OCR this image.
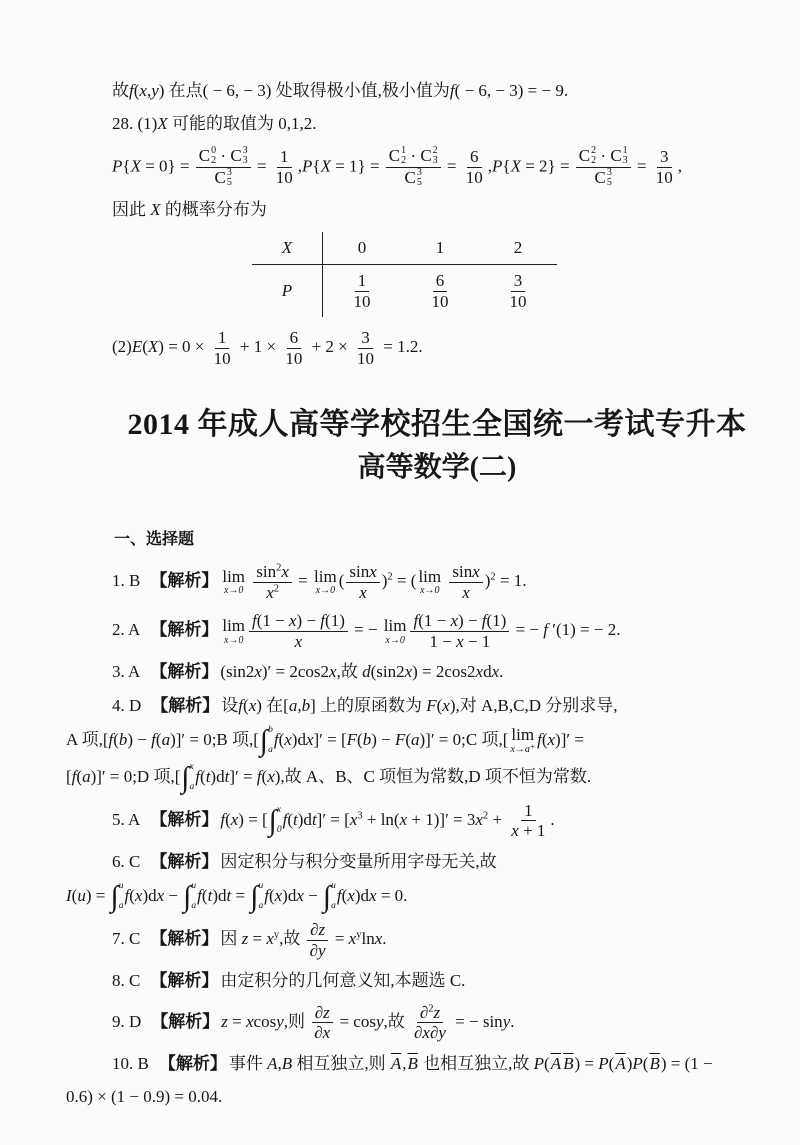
故f(x,y) 在点( − 6, − 3) 处取得极小值,极小值为f( − 6, − 3) = − 9.
28. (1)X 可能的取值为 0,1,2.
P{X = 0} = C 0
2 · C 3
3
C 3
$5 = \frac{1}{10} ,P\{X = 1\} = C$ 1
2 · C 2
3
C 3
$5 = \frac{6}{10} ,P\{X = 2\} = C$ 2
2 · C 1
3
C 3
$5 = \frac{3}{10}$ ,
因此 X 的概率分布为
X	0	1	2
P	$\frac{1}{10}$	$\frac{6}{10}$	$\frac{3}{10}$
$(2)E(X) = 0 \times \frac{1}{10} + 1 \times \frac{6}{10} + 2 \times \frac{3}{10} = 1.2$.
2014 年成人高等学校招生全国统一考试专升本
高等数学(二)
一、选择题
1. B 【解析】 lim
x→0
$\frac{\sin^2x}{x^2} = \lim$
x→0
( $\frac{\sin x}{x} )^2$ = ( lim
x→0
$\frac{\sin x}{x} )^2 = 1$.
2. A 【解析】 lim
$x\to 0 \frac{f(1 - x) - f(1)}{x}$ = − lim
$x\to 0 \frac{f(1 - x) - f(1)}{1 - x - 1}$ = − f ′(1) = − 2.
3. A 【解析】 (sin2x)′ = 2cos2x,故 d(sin2x) = 2cos2xdx.
4. D 【解析】 设f(x) 在[a,b] 上的原函数为 F(x),对 A,B,C,D 分别求导,
A 项,[f(b) − f(a)]′ = 0;B 项,[ ∫ b
a
f(x)dx]′ = [F(b) − F(a)]′ = 0;C 项,[ lim
x→a⁺
f(x)]′ =
[f(a)]′ = 0;D 项,[ ∫ x
a
f(t)dt]′ = f(x),故 A、B、C 项恒为常数,D 项不恒为常数.
5. A 【解析】 f(x) = [ ∫ x
0
$f(t)dt]' = [x^3 + \ln(x + 1)]' = 3x^2 + \frac{1}{x + 1}$ .
6. C 【解析】 因定积分与积分变量所用字母无关,故
I(u) = ∫ u
a
f(x)dx − ∫ u
a
f(t)dt = ∫ u
a
f(x)dx − ∫ u
a
f(x)dx = 0.
7. C 【解析】 因 $z = x^y$,故 $\frac{\partial z}{\partial y} = x^y\ln x$.
8. C 【解析】 由定积分的几何意义知,本题选 C.
9. D 【解析】 z = xcosy,则 $\frac{\partial z}{\partial x} = \cos y$,故 $\frac{\partial^2z}{\partial x\partial y}$ = − siny.
10. B 【解析】 事件 A,B 相互独立,则 $\overline{A},\overline{B}$ 也相互独立,故 $P(\overline{A}$ $\overline{B}) = P(\overline{A})P(\overline{B}) = (1$ −
0.6) × (1 − 0.9) = 0.04.
